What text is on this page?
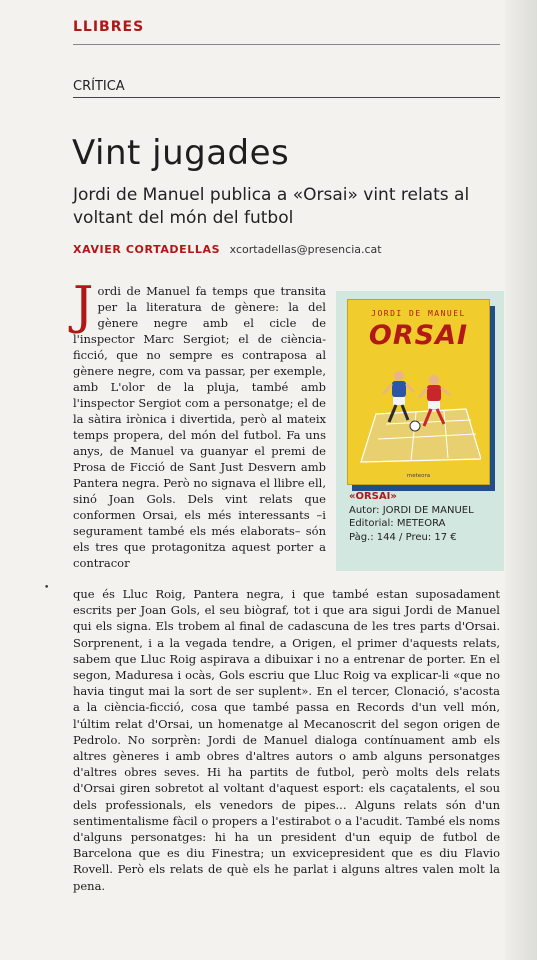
LLIBRES
CRÍTICA
Vint jugades

Jordi de Manuel publica a «Orsai» vint relats al voltant del món del futbol

XAVIER CORTADELLAS xcortadellas@presencia.cat
J ordi de Manuel fa temps que transita per la literatura de gènere: la del gènere negre amb el cicle de l'inspector Marc Sergiot; el de ciència-ficció, que no sempre es contraposa al gènere negre, com va passar, per exemple, amb L'olor de la pluja, també amb l'inspector Sergiot com a personatge; el de la sàtira irònica i divertida, però al mateix temps propera, del món del futbol. Fa uns anys, de Manuel va guanyar el premi de Prosa de Ficció de Sant Just Desvern amb Pantera negra. Però no signava el llibre ell, sinó Joan Gols. Dels vint relats que conformen Orsai, els més interessants –i segurament també els més elaborats– són els tres que protagonitza aquest porter a contracor
JORDI DE MANUEL
ORSAI
meteora
«ORSAI»
Autor: JORDI DE MANUEL
Editorial: METEORA
Pàg.: 144 / Preu: 17 €
• que és Lluc Roig, Pantera negra, i que també estan suposadament escrits per Joan Gols, el seu biògraf, tot i que ara sigui Jordi de Manuel qui els signa. Els trobem al final de cadascuna de les tres parts d'Orsai. Sorprenent, i a la vegada tendre, a Origen, el primer d'aquests relats, sabem que Lluc Roig aspirava a dibuixar i no a entrenar de porter. En el segon, Maduresa i ocàs, Gols escriu que Lluc Roig va explicar-li «que no havia tingut mai la sort de ser suplent». En el tercer, Clonació, s'acosta a la ciència-ficció, cosa que també passa en Records d'un vell món, l'últim relat d'Orsai, un homenatge al Mecanoscrit del segon origen de Pedrolo. No sorprèn: Jordi de Manuel dialoga contínuament amb els altres gèneres i amb obres d'altres autors o amb alguns personatges d'altres obres seves. Hi ha partits de futbol, però molts dels relats d'Orsai giren sobretot al voltant d'aquest esport: els caçatalents, el sou dels professionals, els venedors de pipes... Alguns relats són d'un sentimentalisme fàcil o propers a l'estirabot o a l'acudit. També els noms d'alguns personatges: hi ha un president d'un equip de futbol de Barcelona que es diu Finestra; un exvicepresident que es diu Flavio Rovell. Però els relats de què els he parlat i alguns altres valen molt la pena.
